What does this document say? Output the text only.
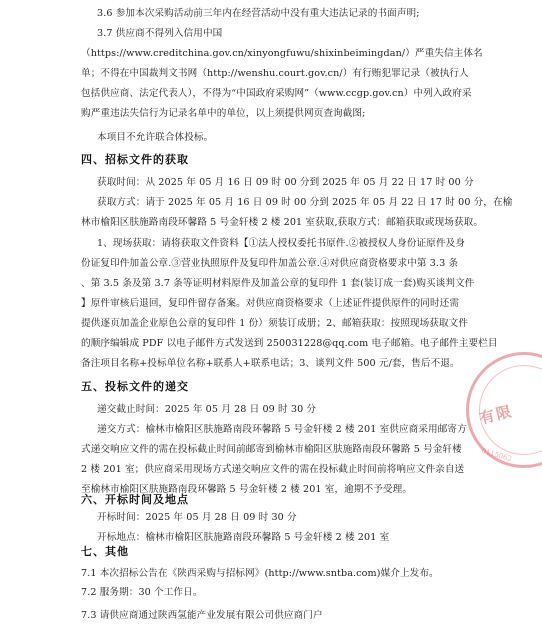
3.6 参加本次采购活动前三年内在经营活动中没有重大违法记录的书面声明;
3.7 供应商不得列入信用中国
（https://www.creditchina.gov.cn/xinyongfuwu/shixinbeimingdan/）严重失信主体名
单；不得在中国裁判文书网（http://wenshu.court.gov.cn/）有行贿犯罪记录（被执行人
包括供应商、法定代表人），不得为“中国政府采购网”（www.ccgp.gov.cn）中列入政府采
购严重违法失信行为记录名单中的单位，以上须提供网页查询截图;
本项目不允许联合体投标。
四、招标文件的获取
获取时间：从 2025 年 05 月 16 日 09 时 00 分到 2025 年 05 月 22 日 17 时 00 分
获取方式：请于 2025 年 05 月 16 日 09 时 00 分到 2025 年 05 月 22 日 17 时 00 分，在榆
林市榆阳区肤施路南段环馨路 5 号金轩楼 2 楼 201 室获取,获取方式：邮箱获取或现场获取。
1、现场获取：请将获取文件资料【①法人授权委托书原件.②被授权人身份证原件及身
份证复印件加盖公章.③营业执照原件及复印件加盖公章.④对供应商资格要求中第 3.3 条
、第 3.5 条及第 3.7 条等证明材料原件及加盖公章的复印件 1 套(装订成一套)购买谈判文件
】原件审核后退回，复印件留存备案。对供应商资格要求（上述证件提供原件的同时还需
提供逐页加盖企业原色公章的复印件 1 份）须装订成册；2、邮箱获取：按照现场获取文件
的顺序编辑成 PDF 以电子邮件方式发送到 250031228@qq.com 电子邮箱。电子邮件主要栏目
备注项目名称+投标单位名称+联系人+联系电话；3、谈判文件 500 元/套，售后不退。
五、投标文件的递交
递交截止时间：2025 年 05 月 28 日 09 时 30 分
递交方式：榆林市榆阳区肤施路南段环馨路 5 号金轩楼 2 楼 201 室供应商采用邮寄方
式递交响应文件的需在投标截止时间前邮寄到榆林市榆阳区肤施路南段环馨路 5 号金轩楼
2 楼 201 室；供应商采用现场方式递交响应文件的需在投标截止时间前将响应文件亲自送
至榆林市榆阳区肤施路南段环馨路 5 号金轩楼 2 楼 201 室，逾期不予受理。
六、开标时间及地点
开标时间：2025 年 05 月 28 日 09 时 30 分
开标地点：榆林市榆阳区肤施路南段环馨路 5 号金轩楼 2 楼 201 室
七、其他
7.1 本次招标公告在《陕西采购与招标网》(http://www.sntba.com)媒介上发布。
7.2 服务期：30 个工作日。
7.3 请供应商通过陕西氢能产业发展有限公司供应商门户
有限
0115062
